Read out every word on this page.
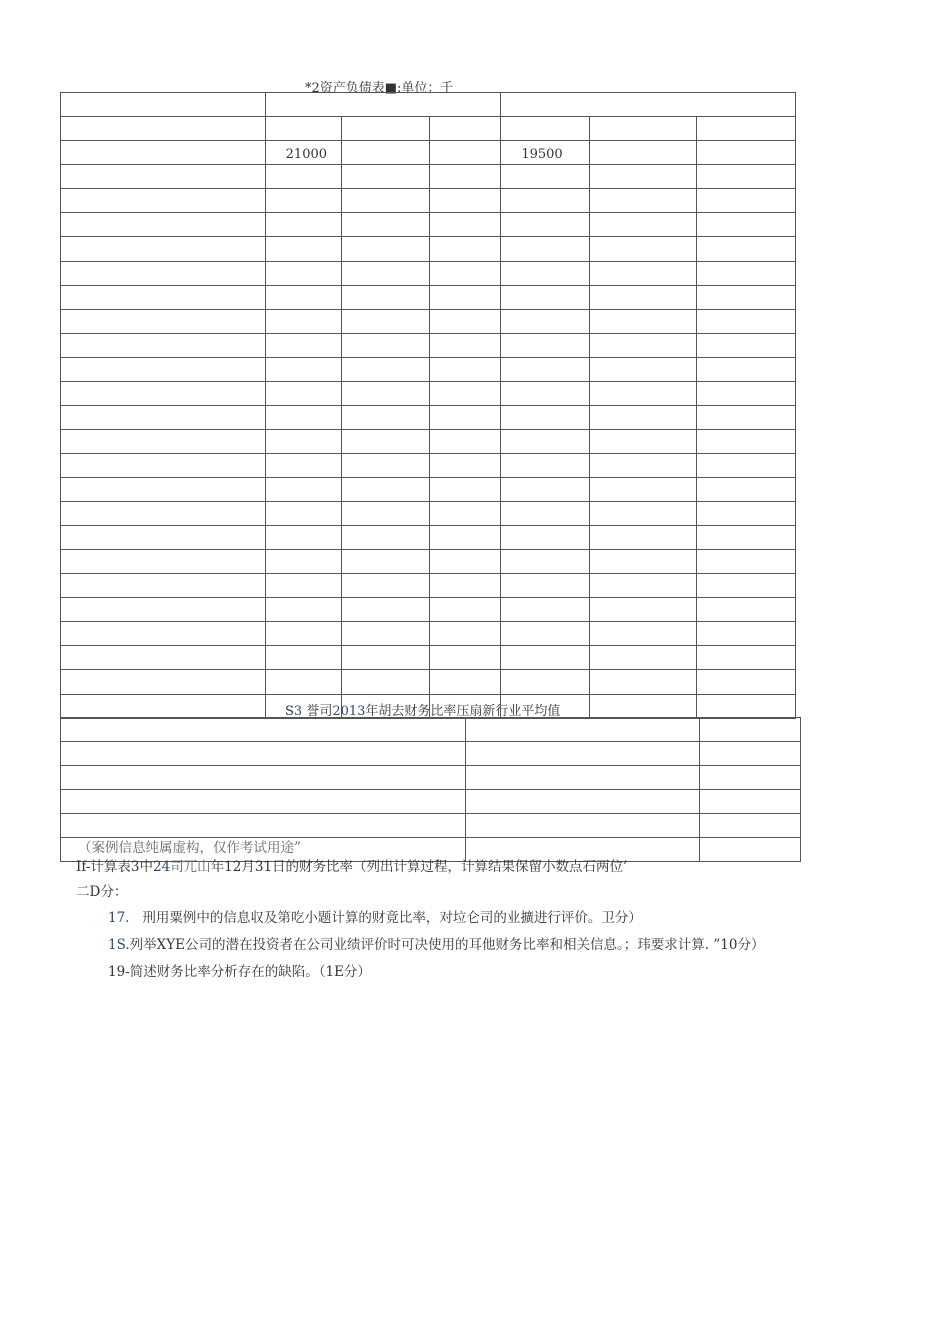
*2资产负债表■:单位：千

	21000			19500		

S3 誉司2013年胡去财务比率压扇新行业平均值

（案例信息纯属虚构，仅作考试用途”
If-计算表3中24司兀山年12月31日的财务比率（列出计算过程，计算结果保留小数点石两位’
二D分：
17. 刑用粟例中的信息収及第吃小题计算的财竟比率，对垃仑司的业擴进行评价。卫分）
1S.列举XYE公司的潜在投资者在公司业绩评价时可决使用的耳他财务比率和相关信息。；玮要求计算. ”10分）
19-简述财务比率分析存在的缺陷。（1E分）
